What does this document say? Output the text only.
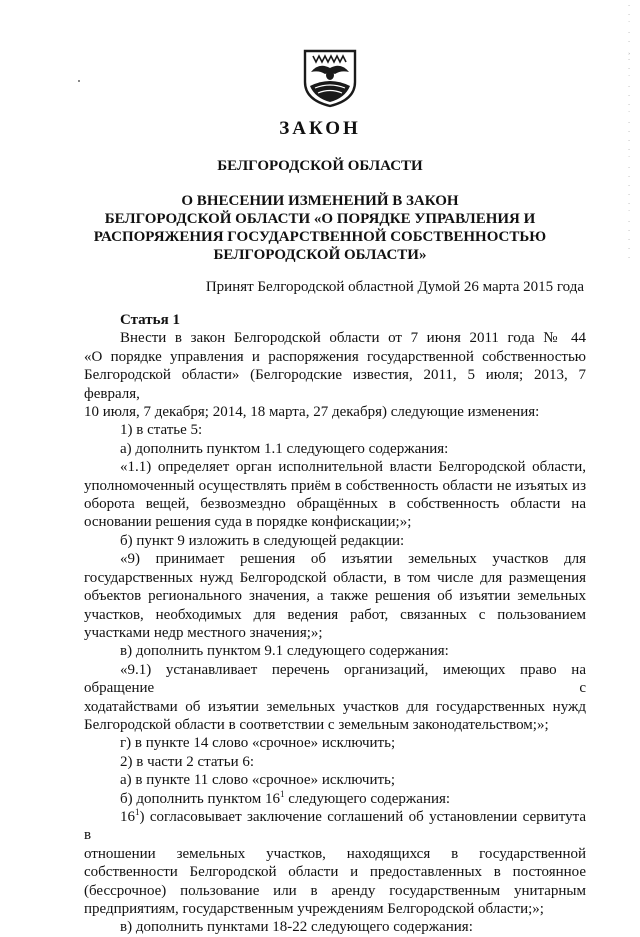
·
·
˙
·
·
¸
·
·
˙
·
·
·
˙
·
·
·
·
˙
·
·
·
·
·
˙
·
·
·
·
·
ЗАКОН
БЕЛГОРОДСКОЙ ОБЛАСТИ
О ВНЕСЕНИИ ИЗМЕНЕНИЙ В ЗАКОН
БЕЛГОРОДСКОЙ ОБЛАСТИ «О ПОРЯДКЕ УПРАВЛЕНИЯ И
РАСПОРЯЖЕНИЯ ГОСУДАРСТВЕННОЙ СОБСТВЕННОСТЬЮ
БЕЛГОРОДСКОЙ ОБЛАСТИ»
Принят Белгородской областной Думой 26 марта 2015 года
Статья 1
Внести в закон Белгородской области от 7 июня 2011 года № 44
«О порядке управления и распоряжения государственной собственностью
Белгородской области» (Белгородские известия, 2011, 5 июля; 2013, 7 февраля,
10 июля, 7 декабря; 2014, 18 марта, 27 декабря) следующие изменения:
1) в статье 5:
а) дополнить пунктом 1.1 следующего содержания:
«1.1) определяет орган исполнительной власти Белгородской области,
уполномоченный осуществлять приём в собственность области не изъятых из
оборота вещей, безвозмездно обращённых в собственность области на
основании решения суда в порядке конфискации;»;
б) пункт 9 изложить в следующей редакции:
«9) принимает решения об изъятии земельных участков для
государственных нужд Белгородской области, в том числе для размещения
объектов регионального значения, а также решения об изъятии земельных
участков, необходимых для ведения работ, связанных с пользованием
участками недр местного значения;»;
в) дополнить пунктом 9.1 следующего содержания:
«9.1) устанавливает перечень организаций, имеющих право на обращение с
ходатайствами об изъятии земельных участков для государственных нужд
Белгородской области в соответствии с земельным законодательством;»;
г) в пункте 14 слово «срочное» исключить;
2) в части 2 статьи 6:
а) в пункте 11 слово «срочное» исключить;
б) дополнить пунктом $16^1$ следующего содержания:
$16^1$) согласовывает заключение соглашений об установлении сервитута в
отношении земельных участков, находящихся в государственной
собственности Белгородской области и предоставленных в постоянное
(бессрочное) пользование или в аренду государственным унитарным
предприятиям, государственным учреждениям Белгородской области;»;
в) дополнить пунктами 18-22 следующего содержания:
